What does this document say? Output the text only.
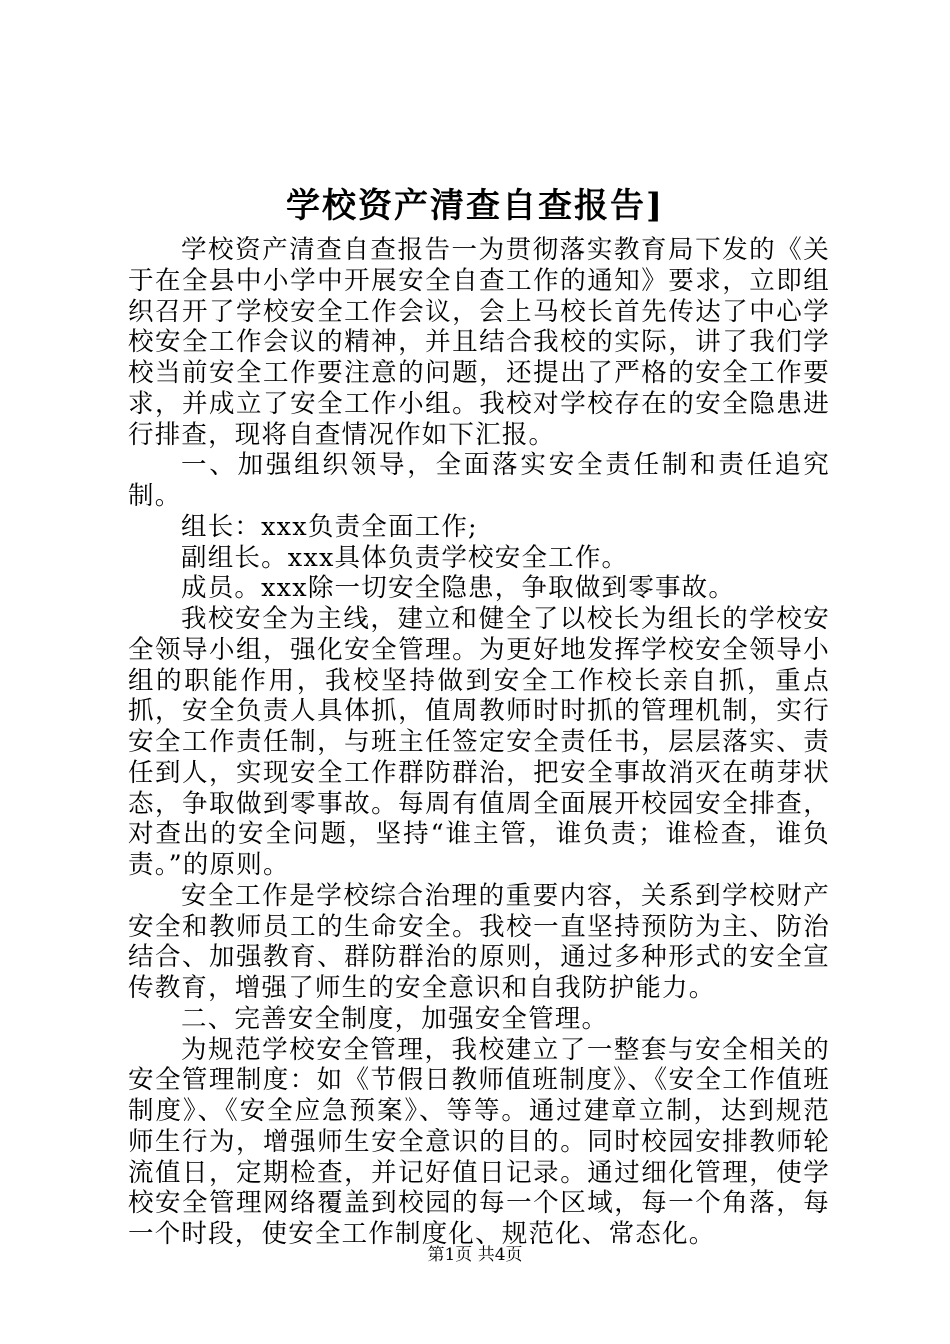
学校资产清查自查报告]

学校资产清查自查报告一为贯彻落实教育局下发的《关于在全县中小学中开展安全自查工作的通知》要求，立即组织召开了学校安全工作会议，会上马校长首先传达了中心学校安全工作会议的精神，并且结合我校的实际，讲了我们学校当前安全工作要注意的问题，还提出了严格的安全工作要求，并成立了安全工作小组。我校对学校存在的安全隐患进行排查，现将自查情况作如下汇报。

一、加强组织领导，全面落实安全责任制和责任追究制。

组长：xxx负责全面工作;

副组长。xxx具体负责学校安全工作。

成员。xxx除一切安全隐患，争取做到零事故。

我校安全为主线，建立和健全了以校长为组长的学校安全领导小组，强化安全管理。为更好地发挥学校安全领导小组的职能作用，我校坚持做到安全工作校长亲自抓，重点抓，安全负责人具体抓，值周教师时时抓的管理机制，实行安全工作责任制，与班主任签定安全责任书，层层落实、责任到人，实现安全工作群防群治，把安全事故消灭在萌芽状态，争取做到零事故。每周有值周全面展开校园安全排查，对查出的安全问题，坚持“谁主管，谁负责；谁检查，谁负责。”的原则。

安全工作是学校综合治理的重要内容，关系到学校财产安全和教师员工的生命安全。我校一直坚持预防为主、防治结合、加强教育、群防群治的原则，通过多种形式的安全宣传教育，增强了师生的安全意识和自我防护能力。

二、完善安全制度，加强安全管理。

为规范学校安全管理，我校建立了一整套与安全相关的安全管理制度：如《节假日教师值班制度》、《安全工作值班制度》、《安全应急预案》、等等。通过建章立制，达到规范师生行为，增强师生安全意识的目的。同时校园安排教师轮流值日，定期检查，并记好值日记录。通过细化管理，使学校安全管理网络覆盖到校园的每一个区域，每一个角落，每一个时段，使安全工作制度化、规范化、常态化。

第1页 共4页
